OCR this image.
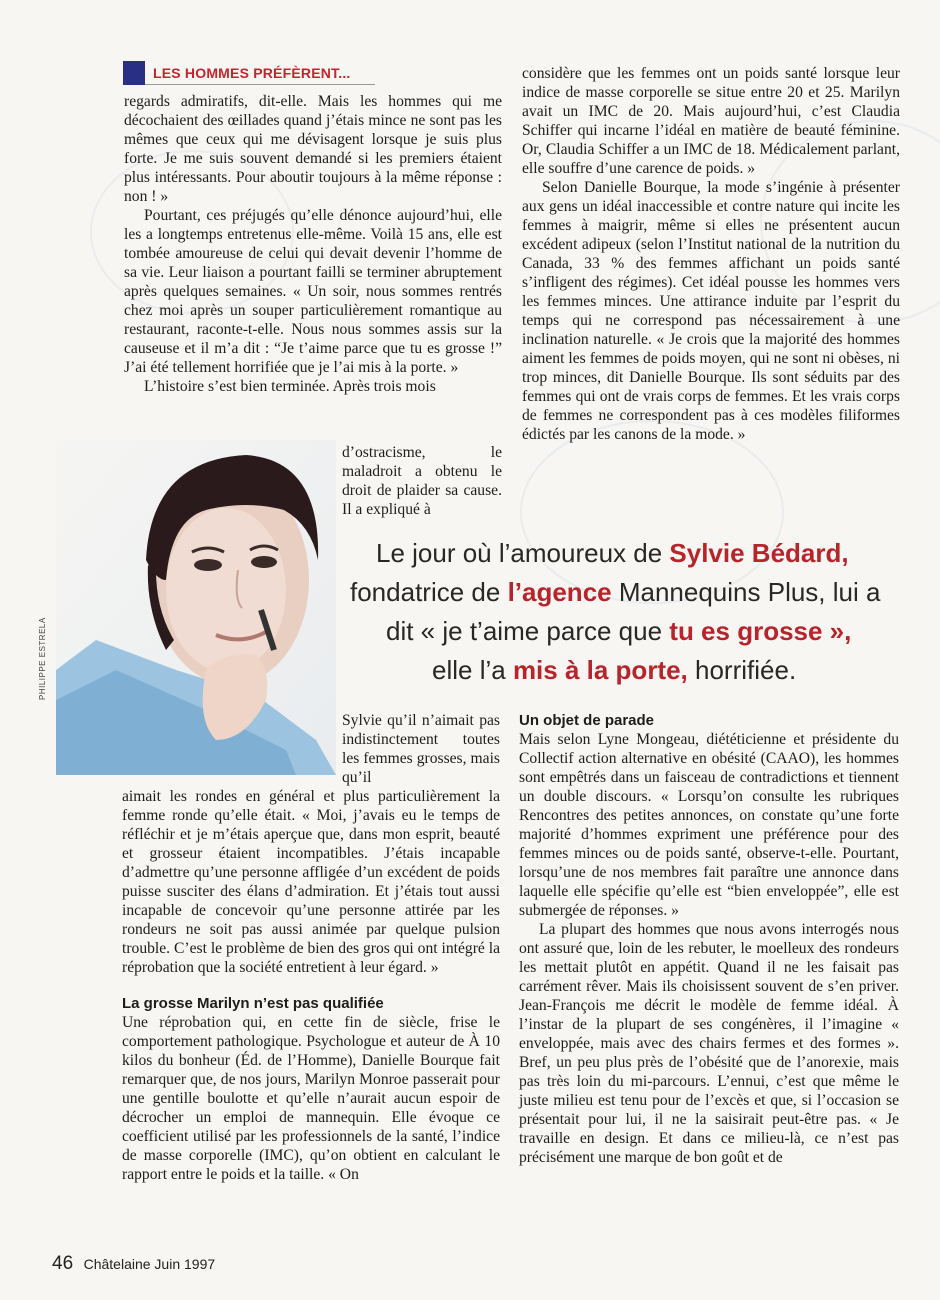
LES HOMMES PRÉFÈRENT...

regards admiratifs, dit-elle. Mais les hommes qui me décochaient des œillades quand j’étais mince ne sont pas les mêmes que ceux qui me dévisagent lorsque je suis plus forte. Je me suis souvent demandé si les premiers étaient plus intéressants. Pour aboutir toujours à la même réponse : non ! »

Pourtant, ces préjugés qu’elle dénonce aujourd’hui, elle les a longtemps entretenus elle-même. Voilà 15 ans, elle est tombée amoureuse de celui qui devait devenir l’homme de sa vie. Leur liaison a pourtant failli se terminer abruptement après quelques semaines. « Un soir, nous sommes rentrés chez moi après un souper particulièrement romantique au restaurant, raconte-t-elle. Nous nous sommes assis sur la causeuse et il m’a dit : “Je t’aime parce que tu es grosse !” J’ai été tellement horrifiée que je l’ai mis à la porte. »

L’histoire s’est bien terminée. Après trois mois

d’ostracisme, le maladroit a obtenu le droit de plaider sa cause. Il a expliqué à

PHILIPPE ESTRELA
Le jour où l’amoureux de Sylvie Bédard,
fondatrice de l’agence Mannequins Plus, lui a
dit « je t’aime parce que tu es grosse »,
elle l’a mis à la porte, horrifiée.

Sylvie qu’il n’aimait pas indistinctement toutes les femmes grosses, mais qu’il

aimait les rondes en général et plus particulièrement la femme ronde qu’elle était. « Moi, j’avais eu le temps de réfléchir et je m’étais aperçue que, dans mon esprit, beauté et grosseur étaient incompatibles. J’étais incapable d’admettre qu’une personne affligée d’un excédent de poids puisse susciter des élans d’admiration. Et j’étais tout aussi incapable de concevoir qu’une personne attirée par les rondeurs ne soit pas aussi animée par quelque pulsion trouble. C’est le problème de bien des gros qui ont intégré la réprobation que la société entretient à leur égard. »

La grosse Marilyn n’est pas qualifiée

Une réprobation qui, en cette fin de siècle, frise le comportement pathologique. Psychologue et auteur de À 10 kilos du bonheur (Éd. de l’Homme), Danielle Bourque fait remarquer que, de nos jours, Marilyn Monroe passerait pour une gentille boulotte et qu’elle n’aurait aucun espoir de décrocher un emploi de mannequin. Elle évoque ce coefficient utilisé par les professionnels de la santé, l’indice de masse corporelle (IMC), qu’on obtient en calculant le rapport entre le poids et la taille. « On

considère que les femmes ont un poids santé lorsque leur indice de masse corporelle se situe entre 20 et 25. Marilyn avait un IMC de 20. Mais aujourd’hui, c’est Claudia Schiffer qui incarne l’idéal en matière de beauté féminine. Or, Claudia Schiffer a un IMC de 18. Médicalement parlant, elle souffre d’une carence de poids. »

Selon Danielle Bourque, la mode s’ingénie à présenter aux gens un idéal inaccessible et contre nature qui incite les femmes à maigrir, même si elles ne présentent aucun excédent adipeux (selon l’Institut national de la nutrition du Canada, 33 % des femmes affichant un poids santé s’infligent des régimes). Cet idéal pousse les hommes vers les femmes minces. Une attirance induite par l’esprit du temps qui ne correspond pas nécessairement à une inclination naturelle. « Je crois que la majorité des hommes aiment les femmes de poids moyen, qui ne sont ni obèses, ni trop minces, dit Danielle Bourque. Ils sont séduits par des femmes qui ont de vrais corps de femmes. Et les vrais corps de femmes ne correspondent pas à ces modèles filiformes édictés par les canons de la mode. »

Un objet de parade

Mais selon Lyne Mongeau, diététicienne et présidente du Collectif action alternative en obésité (CAAO), les hommes sont empêtrés dans un faisceau de contradictions et tiennent un double discours. « Lorsqu’on consulte les rubriques Rencontres des petites annonces, on constate qu’une forte majorité d’hommes expriment une préférence pour des femmes minces ou de poids santé, observe-t-elle. Pourtant, lorsqu’une de nos membres fait paraître une annonce dans laquelle elle spécifie qu’elle est “bien enveloppée”, elle est submergée de réponses. »

La plupart des hommes que nous avons interrogés nous ont assuré que, loin de les rebuter, le moelleux des rondeurs les mettait plutôt en appétit. Quand il ne les faisait pas carrément rêver. Mais ils choisissent souvent de s’en priver. Jean-François me décrit le modèle de femme idéal. À l’instar de la plupart de ses congénères, il l’imagine « enveloppée, mais avec des chairs fermes et des formes ». Bref, un peu plus près de l’obésité que de l’anorexie, mais pas très loin du mi-parcours. L’ennui, c’est que même le juste milieu est tenu pour de l’excès et que, si l’occasion se présentait pour lui, il ne la saisirait peut-être pas. « Je travaille en design. Et dans ce milieu-là, ce n’est pas précisément une marque de bon goût et de

46 Châtelaine Juin 1997
